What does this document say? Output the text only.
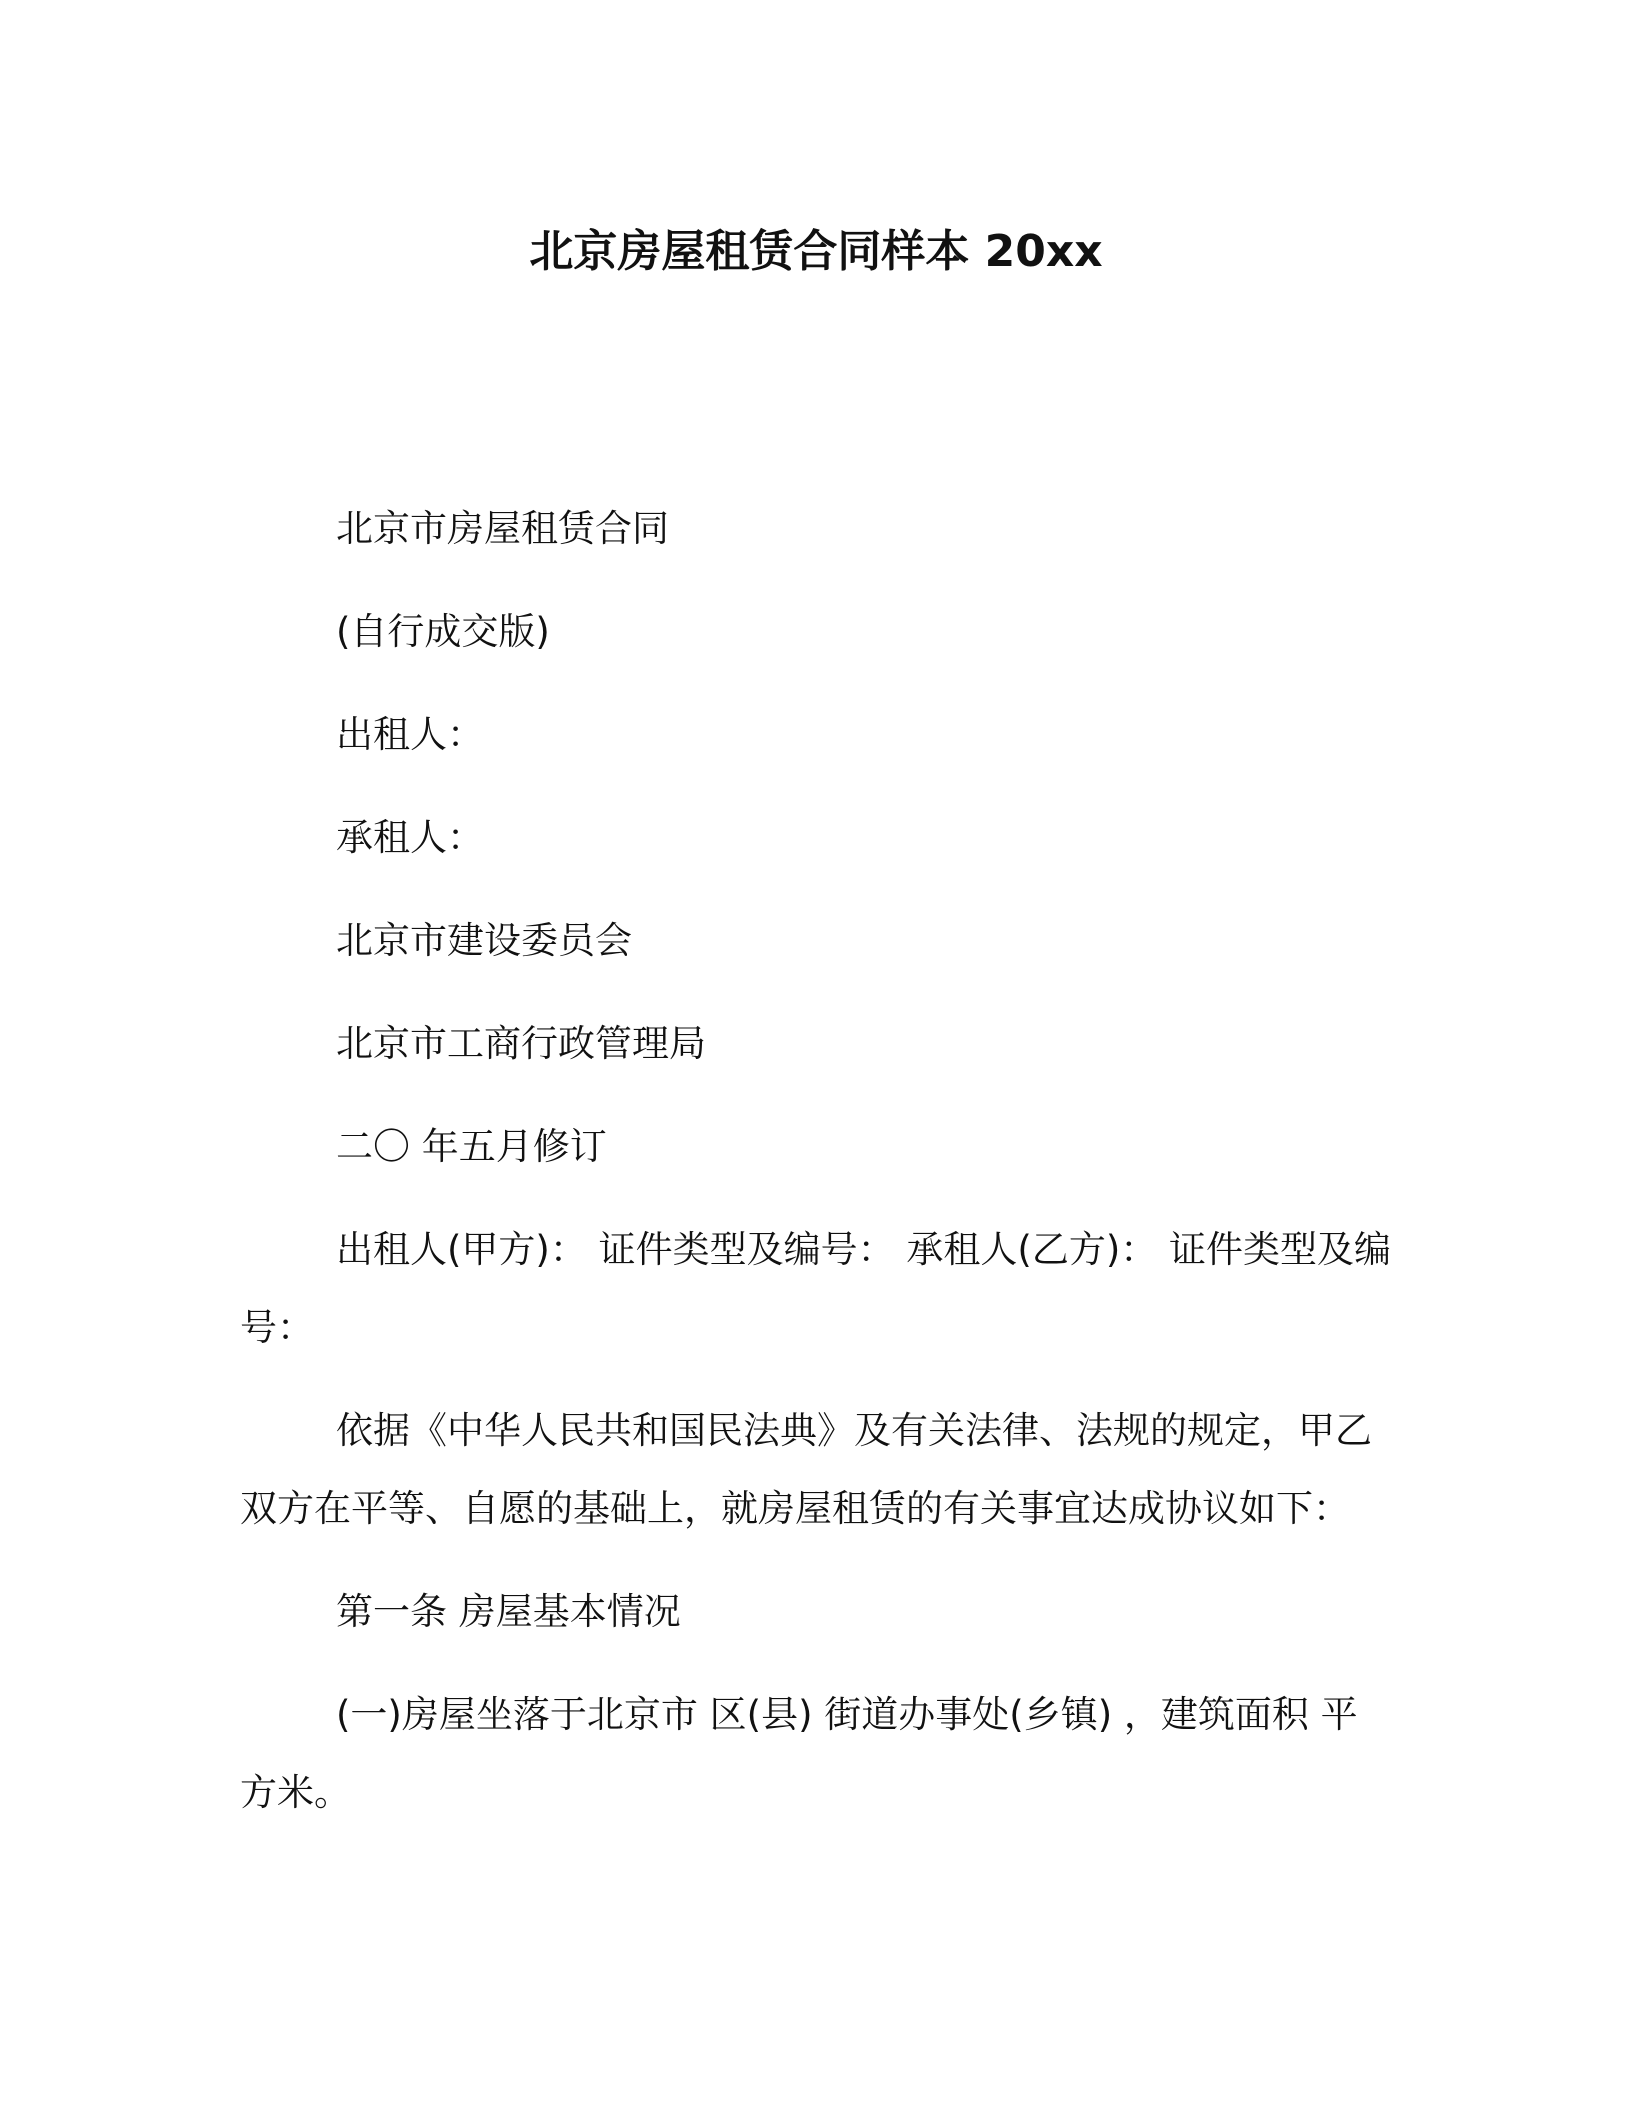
北京房屋租赁合同样本 20xx

北京市房屋租赁合同

(自行成交版)

出租人：

承租人：

北京市建设委员会

北京市工商行政管理局

二〇 年五月修订

出租人(甲方)： 证件类型及编号： 承租人(乙方)： 证件类型及编号：

依据《中华人民共和国民法典》及有关法律、法规的规定，甲乙双方在平等、自愿的基础上，就房屋租赁的有关事宜达成协议如下：

第一条 房屋基本情况

(一)房屋坐落于北京市 区(县) 街道办事处(乡镇) ，建筑面积 平方米。
